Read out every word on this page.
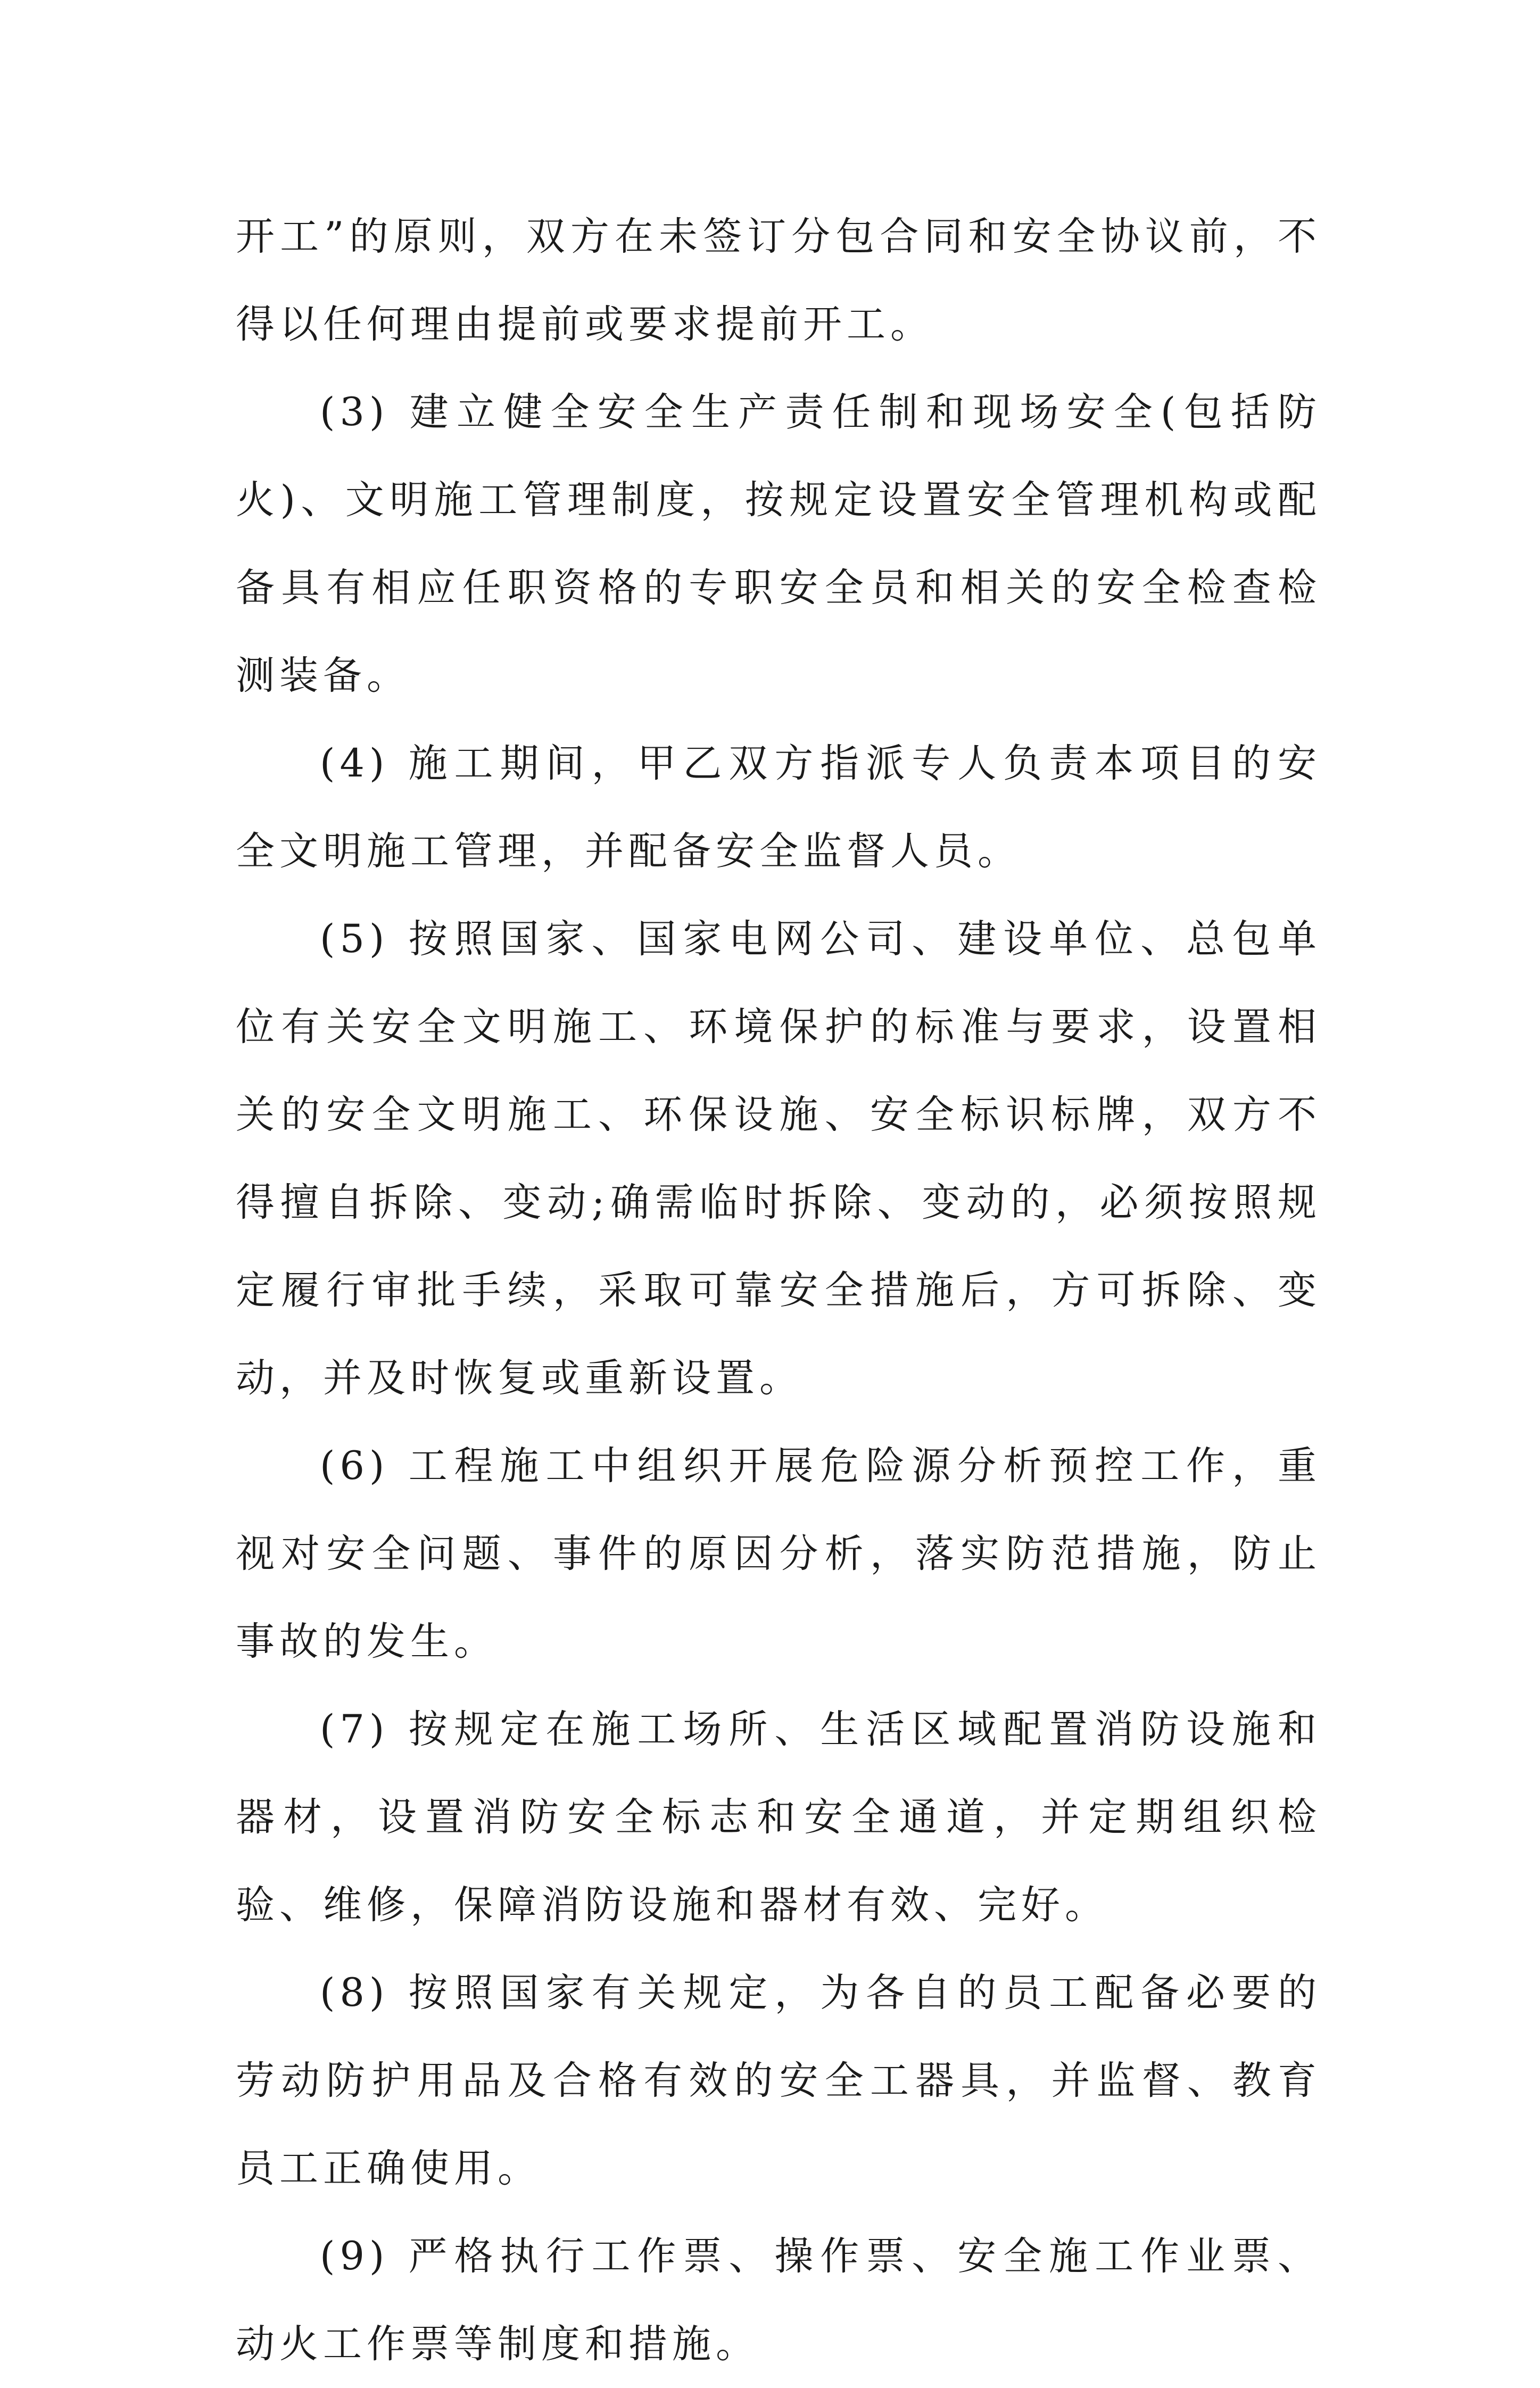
开工”的原则，双方在未签订分包合同和安全协议前，不得以任何理由提前或要求提前开工。

(3) 建立健全安全生产责任制和现场安全(包括防火)、文明施工管理制度，按规定设置安全管理机构或配备具有相应任职资格的专职安全员和相关的安全检查检测装备。

(4) 施工期间，甲乙双方指派专人负责本项目的安全文明施工管理，并配备安全监督人员。

(5) 按照国家、国家电网公司、建设单位、总包单位有关安全文明施工、环境保护的标准与要求，设置相关的安全文明施工、环保设施、安全标识标牌，双方不得擅自拆除、变动;确需临时拆除、变动的，必须按照规定履行审批手续，采取可靠安全措施后，方可拆除、变动，并及时恢复或重新设置。

(6) 工程施工中组织开展危险源分析预控工作，重视对安全问题、事件的原因分析，落实防范措施，防止事故的发生。

(7) 按规定在施工场所、生活区域配置消防设施和器材，设置消防安全标志和安全通道，并定期组织检验、维修，保障消防设施和器材有效、完好。

(8) 按照国家有关规定，为各自的员工配备必要的劳动防护用品及合格有效的安全工器具，并监督、教育员工正确使用。

(9) 严格执行工作票、操作票、安全施工作业票、动火工作票等制度和措施。
